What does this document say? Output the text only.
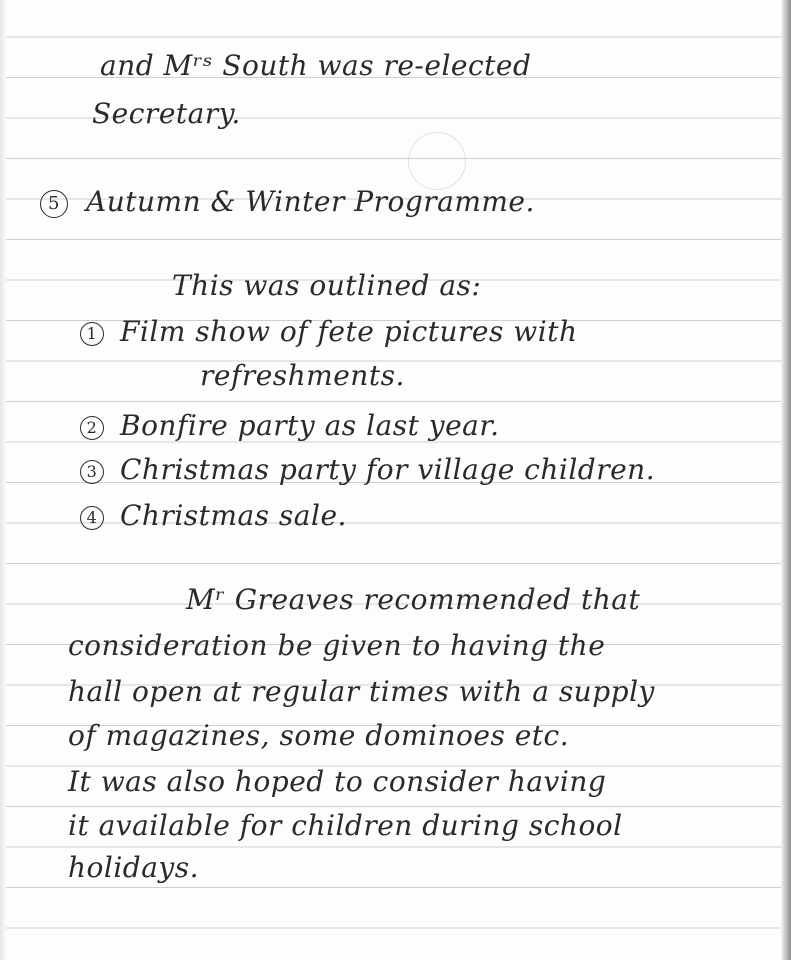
and Mʳˢ South was re-elected

Secretary.

5 Autumn & Winter Programme.

This was outlined as:

1 Film show of fete pictures with

refreshments.

2 Bonfire party as last year.

3 Christmas party for village children.

4 Christmas sale.

Mʳ Greaves recommended that

consideration be given to having the

hall open at regular times with a supply

of magazines, some dominoes etc.

It was also hoped to consider having

it available for children during school

holidays.
